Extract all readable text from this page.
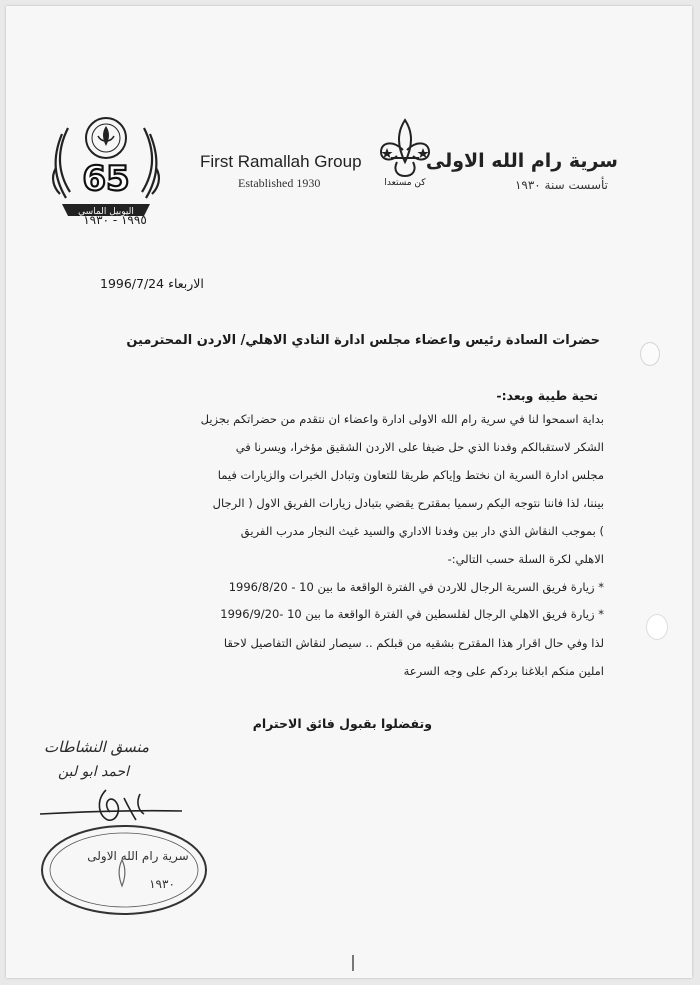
65
اليوبيل الماسي
١٩٩٥ - ١٩٣٠
First Ramallah Group
Established 1930	كن مستعدا
سرية رام الله الاولى
تأسست سنة ١٩٣٠
الاربعاء 1996/7/24
حضرات السادة رئيس واعضاء مجلس ادارة النادي الاهلي/ الاردن المحترمين
تحية طيبة وبعد:-
بداية اسمحوا لنا في سرية رام الله الاولى ادارة واعضاء ان نتقدم من حضراتكم بجزيل
الشكر لاستقبالكم وفدنا الذي حل ضيفا على الاردن الشقيق مؤخرا، ويسرنا في
مجلس ادارة السرية ان نختط وإياكم طريقا للتعاون وتبادل الخبرات والزيارات فيما
بيننا، لذا فاننا نتوجه اليكم رسميا بمقترح يقضي بتبادل زيارات الفريق الاول ( الرجال
) بموجب النقاش الذي دار بين وفدنا الاداري والسيد غيث النجار مدرب الفريق
الاهلي لكرة السلة حسب التالي:-
* زيارة فريق السرية الرجال للاردن في الفترة الواقعة ما بين 10 - 1996/8/20
* زيارة فريق الاهلي الرجال لفلسطين في الفترة الواقعة ما بين 10 -1996/9/20
لذا وفي حال اقرار هذا المقترح بشقيه من قبلكم .. سيصار لنقاش التفاصيل لاحقا
املين منكم ابلاغنا بردكم على وجه السرعة
وتفضلوا بقبول فائق الاحترام
منسق النشاطات
احمد ابو لبن
سرية رام الله الاولى
١٩٣٠
